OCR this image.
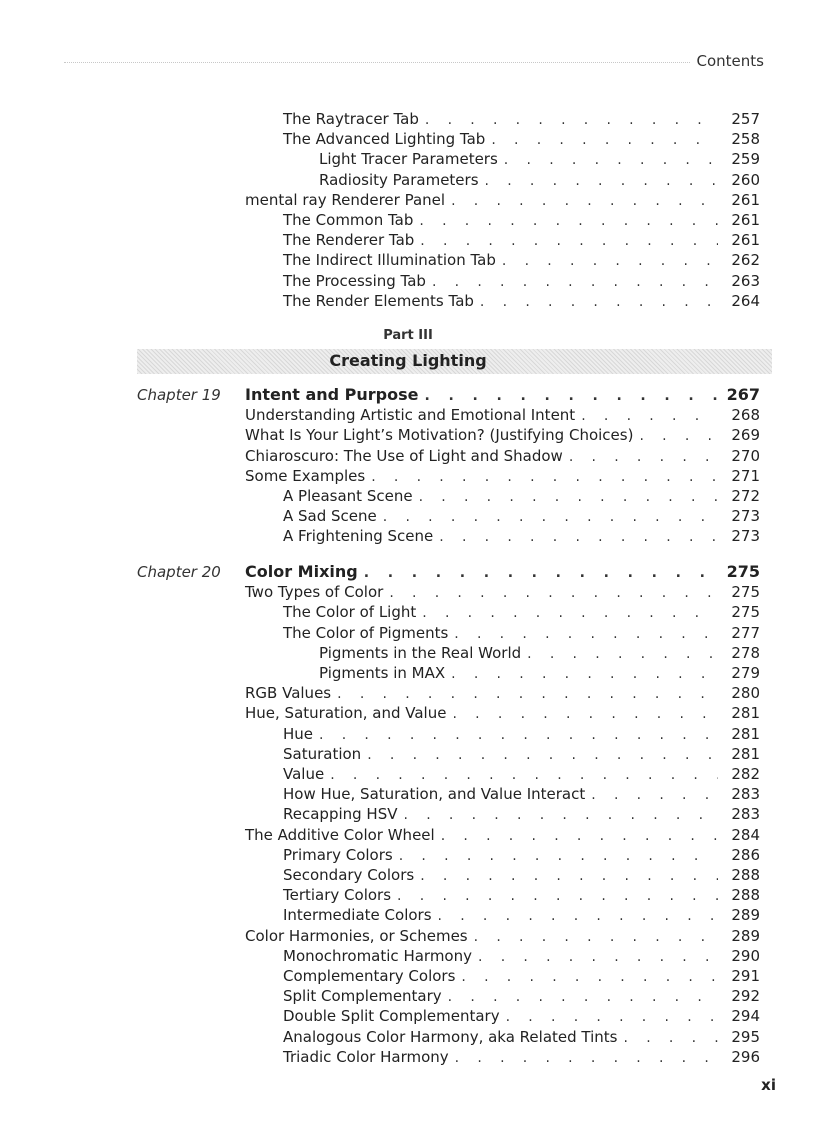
Contents
The Raytracer Tab . . .	257
The Advanced Lighting Tab . . .	258
Light Tracer Parameters . . .	259
Radiosity Parameters . . .	260
mental ray Renderer Panel . . .	261
The Common Tab . . .	261
The Renderer Tab . . .	261
The Indirect Illumination Tab . . .	262
The Processing Tab . . .	263
The Render Elements Tab . . .	264
Chapter 19 Intent and Purpose . . .	267
Understanding Artistic and Emotional Intent . . .	268
What Is Your Light’s Motivation? (Justifying Choices) . . .	269
Chiaroscuro: The Use of Light and Shadow . . .	270
Some Examples . . .	271
A Pleasant Scene . . .	272
A Sad Scene . . .	273
A Frightening Scene . . .	273
Chapter 20 Color Mixing . . .	275
Two Types of Color . . .	275
The Color of Light . . .	275
The Color of Pigments . . .	277
Pigments in the Real World . . .	278
Pigments in MAX . . .	279
RGB Values . . .	280
Hue, Saturation, and Value . . .	281
Hue . . .	281
Saturation . . .	281
Value . . .	282
How Hue, Saturation, and Value Interact . . .	283
Recapping HSV . . .	283
The Additive Color Wheel . . .	284
Primary Colors . . .	286
Secondary Colors . . .	288
Tertiary Colors . . .	288
Intermediate Colors . . .	289
Color Harmonies, or Schemes . . .	289
Monochromatic Harmony . . .	290
Complementary Colors . . .	291
Split Complementary . . .	292
Double Split Complementary . . .	294
Analogous Color Harmony, aka Related Tints . . .	295
Triadic Color Harmony . . .	296
Part III
Creating Lighting
xi
